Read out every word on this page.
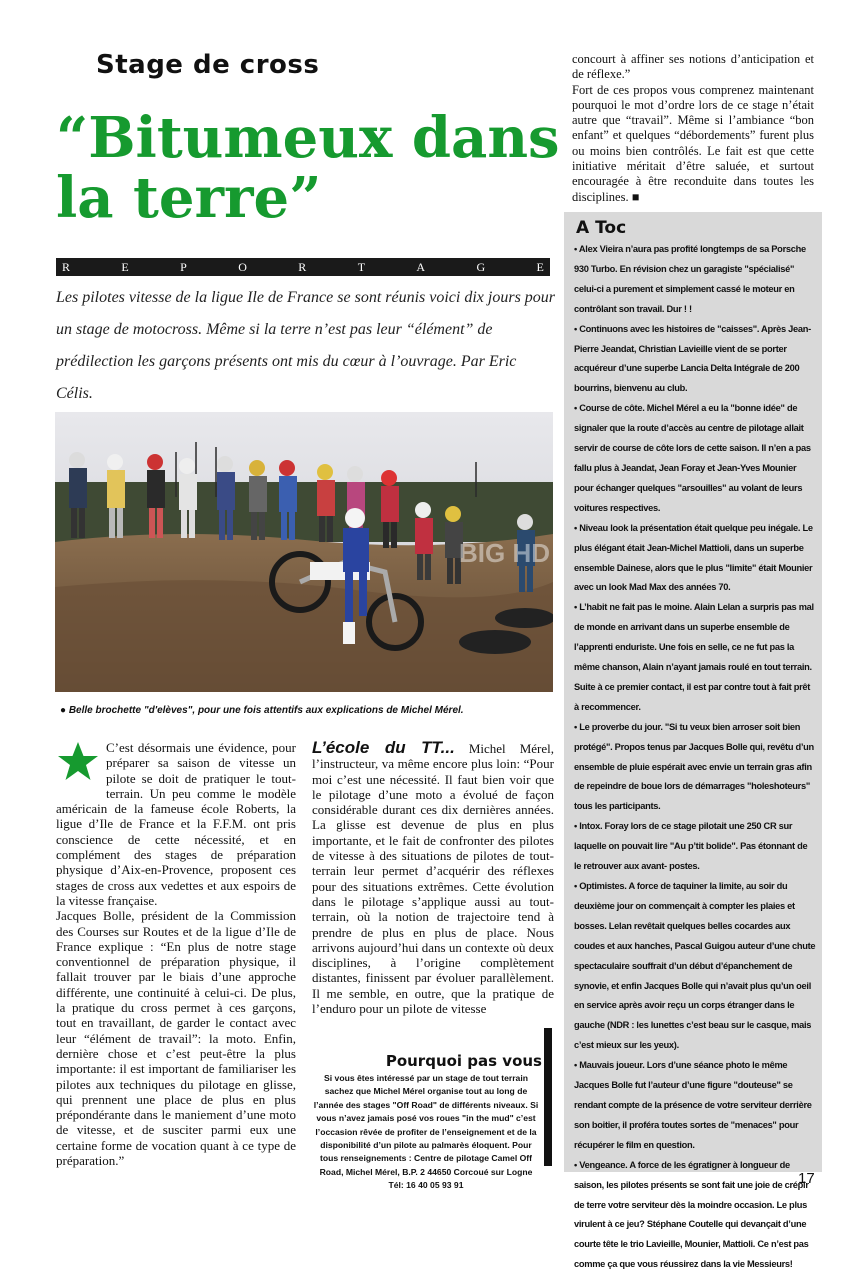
Stage de cross
“Bitumeux dans la terre”
R	E	P	O	R	T	A	G	E
Les pilotes vitesse de la ligue Ile de France se sont réunis voici dix jours pour un stage de motocross. Même si la terre n’est pas leur “élément” de prédilection les garçons présents ont mis du cœur à l’ouvrage. Par Eric Célis.
BIG HD
● Belle brochette "d'elèves", pour une fois attentifs aux explications de Michel Mérel.

C’est désormais une évidence, pour préparer sa saison de vitesse un pilote se doit de pratiquer le tout-terrain. Un peu comme le modèle américain de la fameuse école Roberts, la ligue d’Ile de France et la F.F.M. ont pris conscience de cette nécessité, et en complément des stages de préparation physique d’Aix-en-Provence, proposent ces stages de cross aux vedettes et aux espoirs de la vitesse française.

Jacques Bolle, président de la Commission des Courses sur Routes et de la ligue d’Ile de France explique : “En plus de notre stage conventionnel de préparation physique, il fallait trouver par le biais d’une approche différente, une continuité à celui-ci. De plus, la pratique du cross permet à ces garçons, tout en travaillant, de garder le contact avec leur “élément de travail”: la moto. Enfin, dernière chose et c’est peut-être la plus importante: il est important de familiariser les pilotes aux techniques du pilotage en glisse, qui prennent une place de plus en plus prépondérante dans le maniement d’une moto de vitesse, et de susciter parmi eux une certaine forme de vocation quant à ce type de préparation.”

L’école du TT... Michel Mérel, l’instructeur, va même encore plus loin: “Pour moi c’est une nécessité. Il faut bien voir que le pilotage d’une moto a évolué de façon considérable durant ces dix dernières années. La glisse est devenue de plus en plus importante, et le fait de confronter des pilotes de vitesse à des situations de pilotes de tout- terrain leur permet d’acquérir des réflexes pour des situations extrêmes. Cette évolution dans le pilotage s’applique aussi au tout- terrain, où la notion de trajectoire tend à prendre de plus en plus de place. Nous arrivons aujourd’hui dans un contexte où deux disciplines, à l’origine complètement distantes, finissent par évoluer parallèlement. Il me semble, en outre, que la pratique de l’enduro pour un pilote de vitesse

concourt à affiner ses notions d’anticipation et de réflexe.”

Fort de ces propos vous comprenez maintenant pourquoi le mot d’ordre lors de ce stage n’était autre que “travail”. Même si l’ambiance “bon enfant” et quelques “débordements” furent plus ou moins bien contrôlés. Le fait est que cette initiative méritait d’être saluée, et surtout encouragée à être reconduite dans toutes les disciplines. ■

A Toc

• Alex Vieira n’aura pas profité longtemps de sa Porsche 930 Turbo. En révision chez un garagiste "spécialisé" celui-ci a purement et simplement cassé le moteur en contrôlant son travail. Dur ! !

• Continuons avec les histoires de "caisses". Après Jean-Pierre Jeandat, Christian Lavieille vient de se porter acquéreur d’une superbe Lancia Delta Intégrale de 200 bourrins, bienvenu au club.

• Course de côte. Michel Mérel a eu la "bonne idée" de signaler que la route d’accès au centre de pilotage allait servir de course de côte lors de cette saison. Il n’en a pas fallu plus à Jeandat, Jean Foray et Jean-Yves Mounier pour échanger quelques "arsouilles" au volant de leurs voitures respectives.

• Niveau look la présentation était quelque peu inégale. Le plus élégant était Jean-Michel Mattioli, dans un superbe ensemble Dainese, alors que le plus "limite" était Mounier avec un look Mad Max des années 70.

• L’habit ne fait pas le moine. Alain Lelan a surpris pas mal de monde en arrivant dans un superbe ensemble de l’apprenti enduriste. Une fois en selle, ce ne fut pas la même chanson, Alain n’ayant jamais roulé en tout terrain. Suite à ce premier contact, il est par contre tout à fait prêt à recommencer.

• Le proverbe du jour. "Si tu veux bien arroser soit bien protégé". Propos tenus par Jacques Bolle qui, revêtu d’un ensemble de pluie espérait avec envie un terrain gras afin de repeindre de boue lors de démarrages "holeshoteurs" tous les participants.

• Intox. Foray lors de ce stage pilotait une 250 CR sur laquelle on pouvait lire "Au p’tit bolide". Pas étonnant de le retrouver aux avant- postes.

• Optimistes. A force de taquiner la limite, au soir du deuxième jour on commençait à compter les plaies et bosses. Lelan revêtait quelques belles cocardes aux coudes et aux hanches, Pascal Guigou auteur d’une chute spectaculaire souffrait d’un début d’épanchement de synovie, et enfin Jacques Bolle qui n’avait plus qu’un oeil en service après avoir reçu un corps étranger dans le gauche (NDR : les lunettes c’est beau sur le casque, mais c’est mieux sur les yeux).

• Mauvais joueur. Lors d’une séance photo le même Jacques Bolle fut l’auteur d’une figure "douteuse" se rendant compte de la présence de votre serviteur derrière son boitier, il proféra toutes sortes de "menaces" pour récupérer le film en question.

• Vengeance. A force de les égratigner à longueur de saison, les pilotes présents se sont fait une joie de crépir de terre votre serviteur dès la moindre occasion. Le plus virulent à ce jeu? Stéphane Coutelle qui devançait d’une courte tête le trio Lavieille, Mounier, Mattioli. Ce n’est pas comme ça que vous réussirez dans la vie Messieurs!

Pourquoi pas vous
Si vous êtes intéressé par un stage de tout terrain sachez que Michel Mérel organise tout au long de l’année des stages "Off Road" de différents niveaux. Si vous n’avez jamais posé vos roues "in the mud" c’est l’occasion rêvée de profiter de l’enseignement et de la disponibilité d’un pilote au palmarès éloquent. Pour tous renseignements : Centre de pilotage Camel Off Road, Michel Mérel, B.P. 2 44650 Corcoué sur Logne Tél: 16 40 05 93 91	17
